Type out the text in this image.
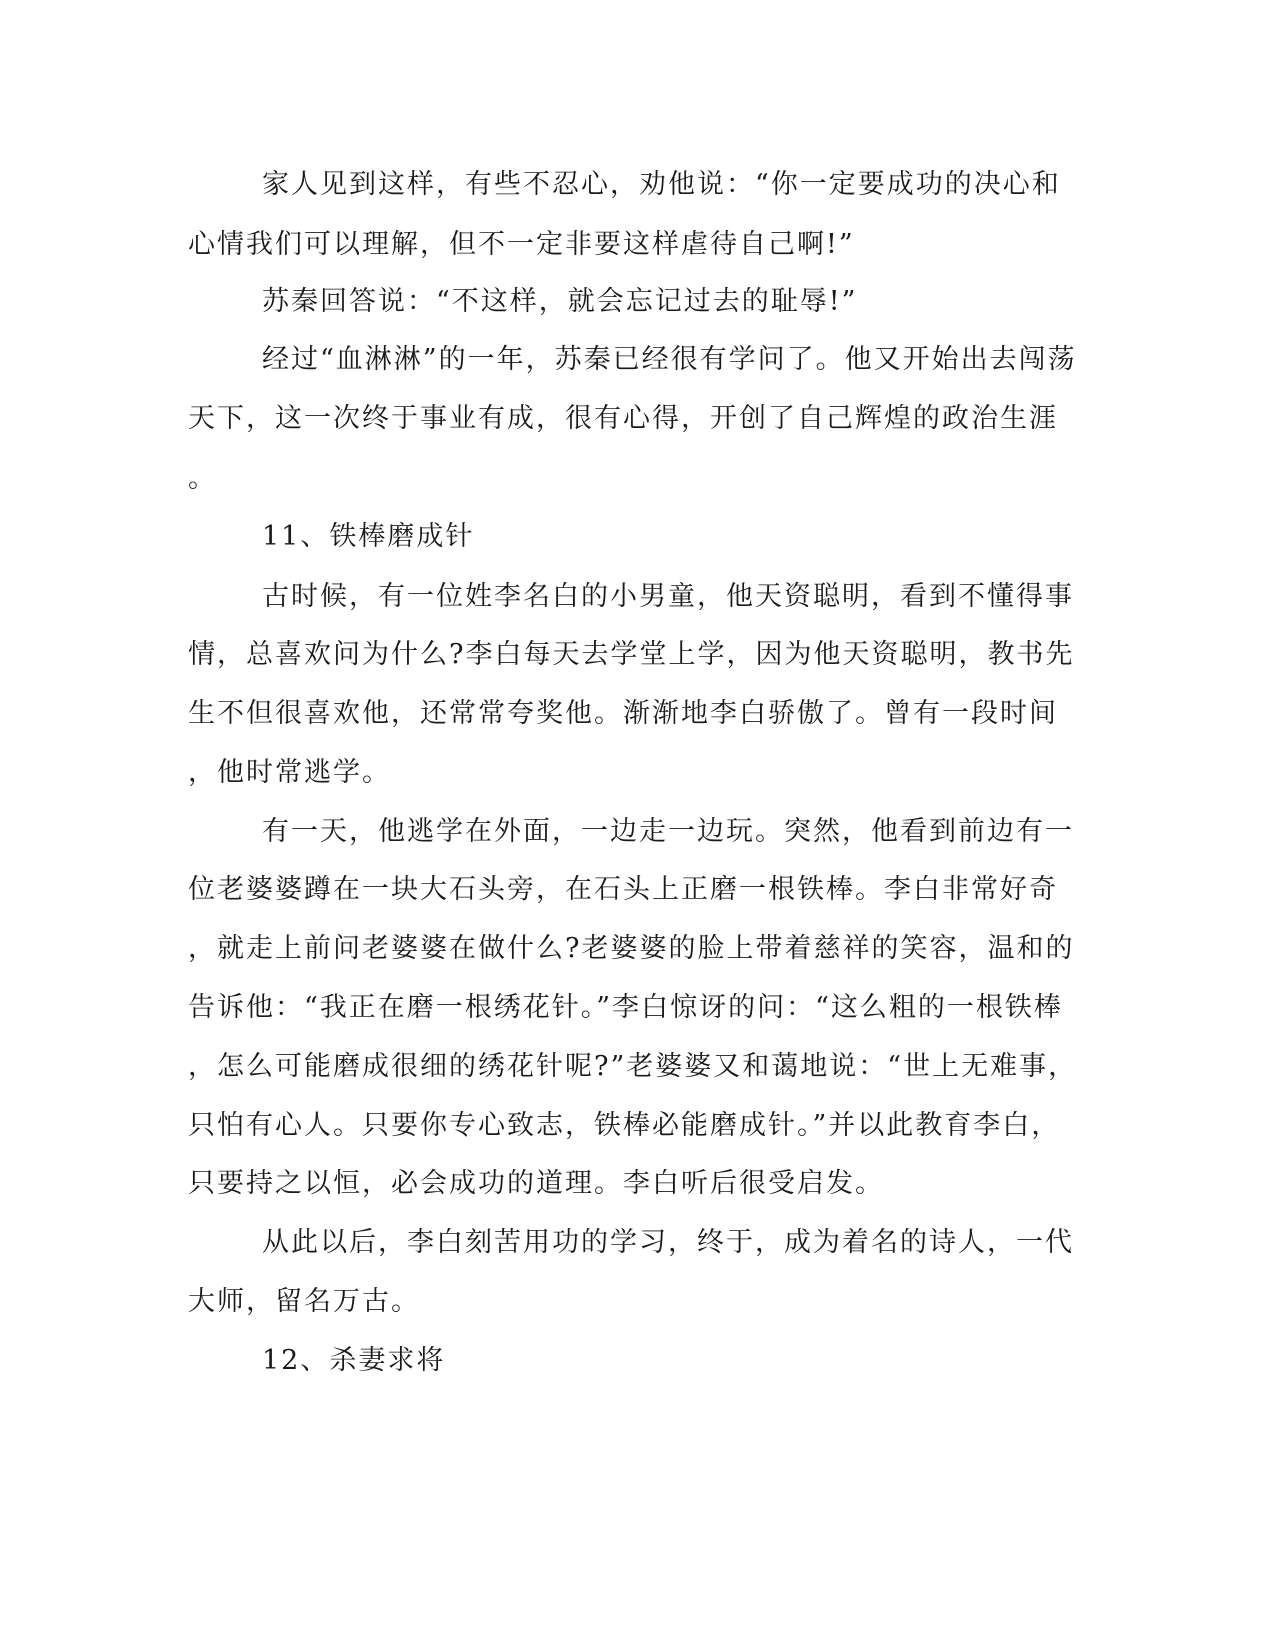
家人见到这样，有些不忍心，劝他说：“你一定要成功的决心和
心情我们可以理解，但不一定非要这样虐待自己啊!”
苏秦回答说：“不这样，就会忘记过去的耻辱!”
经过“血淋淋”的一年，苏秦已经很有学问了。他又开始出去闯荡
天下，这一次终于事业有成，很有心得，开创了自己辉煌的政治生涯
。
11、铁棒磨成针
古时候，有一位姓李名白的小男童，他天资聪明，看到不懂得事
情，总喜欢问为什么?李白每天去学堂上学，因为他天资聪明，教书先
生不但很喜欢他，还常常夸奖他。渐渐地李白骄傲了。曾有一段时间
，他时常逃学。
有一天，他逃学在外面，一边走一边玩。突然，他看到前边有一
位老婆婆蹲在一块大石头旁，在石头上正磨一根铁棒。李白非常好奇
，就走上前问老婆婆在做什么?老婆婆的脸上带着慈祥的笑容，温和的
告诉他：“我正在磨一根绣花针。”李白惊讶的问：“这么粗的一根铁棒
，怎么可能磨成很细的绣花针呢?”老婆婆又和蔼地说：“世上无难事，
只怕有心人。只要你专心致志，铁棒必能磨成针。”并以此教育李白，
只要持之以恒，必会成功的道理。李白听后很受启发。
从此以后，李白刻苦用功的学习，终于，成为着名的诗人，一代
大师，留名万古。
12、杀妻求将
